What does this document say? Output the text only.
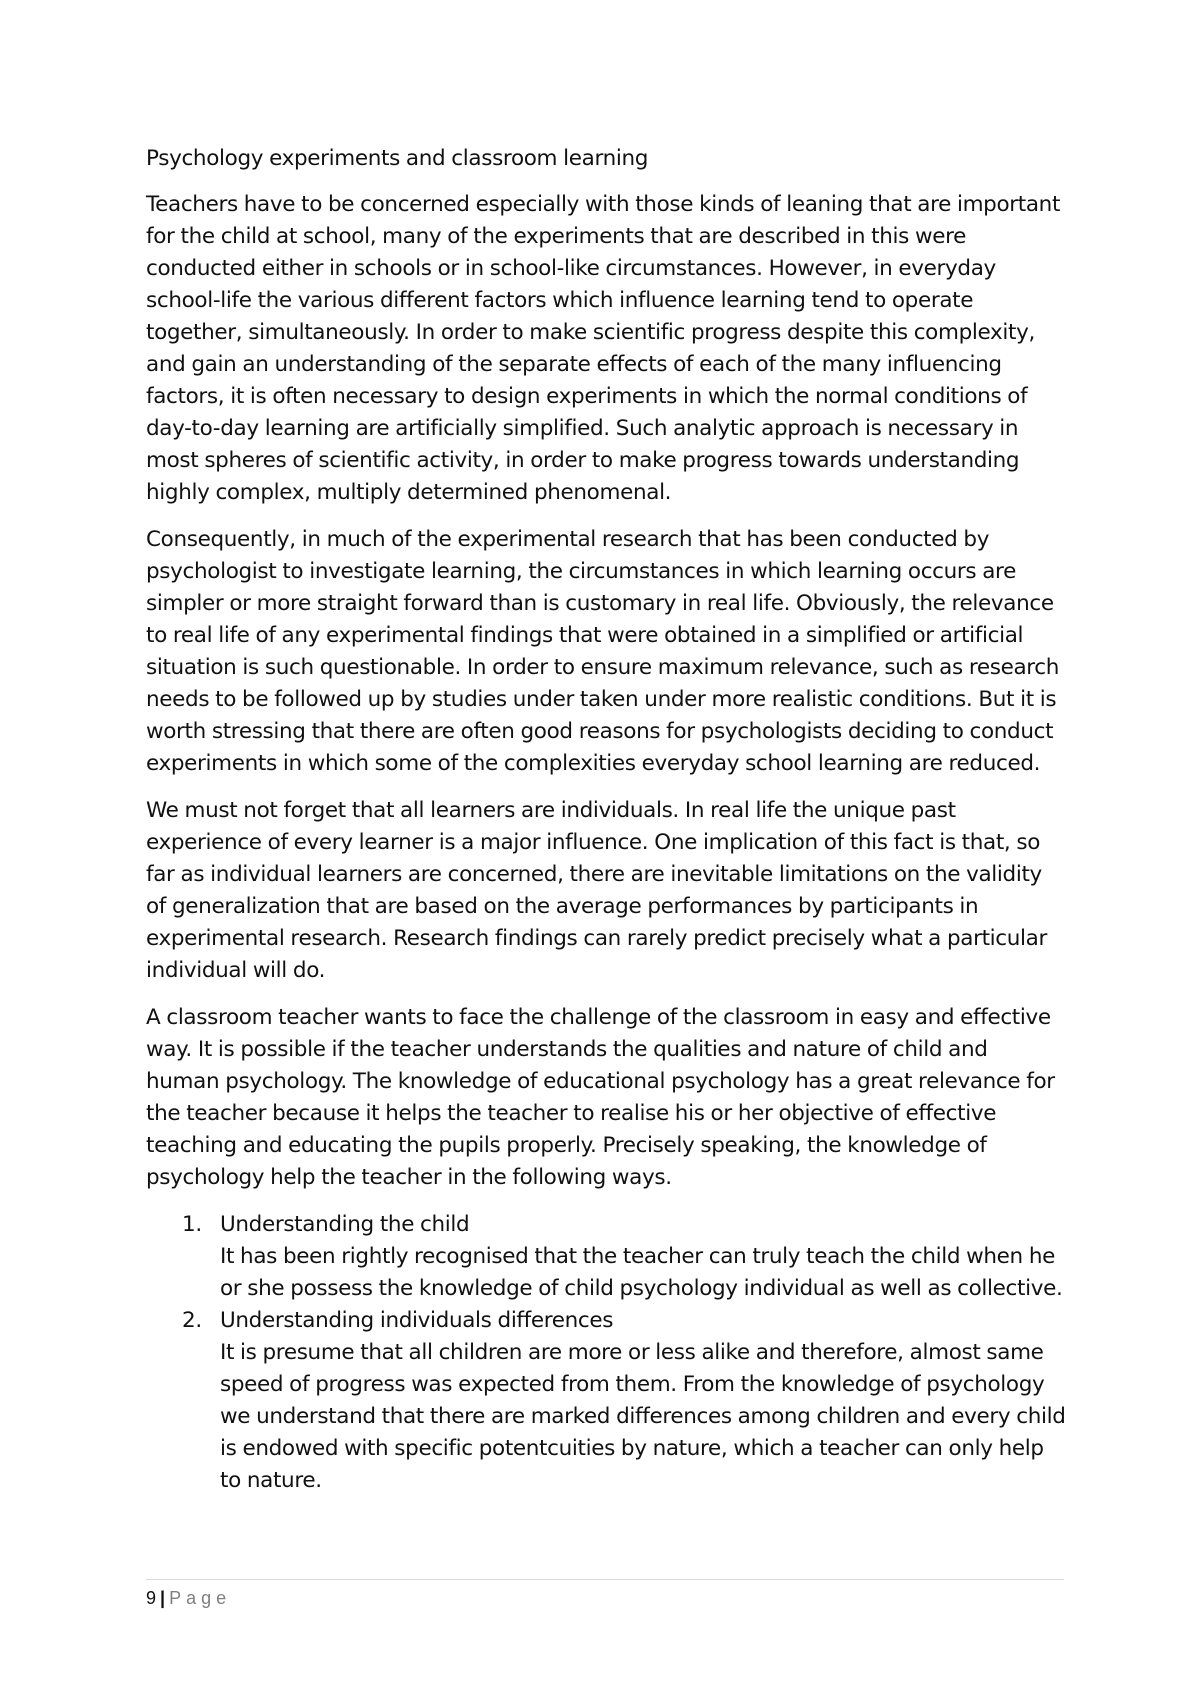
Psychology experiments and classroom learning

Teachers have to be concerned especially with those kinds of leaning that are important for the child at school, many of the experiments that are described in this were conducted either in schools or in school-like circumstances. However, in everyday school-life the various different factors which influence learning tend to operate together, simultaneously. In order to make scientific progress despite this complexity, and gain an understanding of the separate effects of each of the many influencing factors, it is often necessary to design experiments in which the normal conditions of day-to-day learning are artificially simplified. Such analytic approach is necessary in most spheres of scientific activity, in order to make progress towards understanding highly complex, multiply determined phenomenal.

Consequently, in much of the experimental research that has been conducted by psychologist to investigate learning, the circumstances in which learning occurs are simpler or more straight forward than is customary in real life. Obviously, the relevance to real life of any experimental findings that were obtained in a simplified or artificial situation is such questionable. In order to ensure maximum relevance, such as research needs to be followed up by studies under taken under more realistic conditions. But it is worth stressing that there are often good reasons for psychologists deciding to conduct experiments in which some of the complexities everyday school learning are reduced.

We must not forget that all learners are individuals. In real life the unique past experience of every learner is a major influence. One implication of this fact is that, so far as individual learners are concerned, there are inevitable limitations on the validity of generalization that are based on the average performances by participants in experimental research. Research findings can rarely predict precisely what a particular individual will do.

A classroom teacher wants to face the challenge of the classroom in easy and effective way. It is possible if the teacher understands the qualities and nature of child and human psychology. The knowledge of educational psychology has a great relevance for the teacher because it helps the teacher to realise his or her objective of effective teaching and educating the pupils properly. Precisely speaking, the knowledge of psychology help the teacher in the following ways.

1. Understanding the child
It has been rightly recognised that the teacher can truly teach the child when he or she possess the knowledge of child psychology individual as well as collective.
2. Understanding individuals differences
It is presume that all children are more or less alike and therefore, almost same speed of progress was expected from them. From the knowledge of psychology we understand that there are marked differences among children and every child is endowed with specific potentcuities by nature, which a teacher can only help to nature.
9 | Page
